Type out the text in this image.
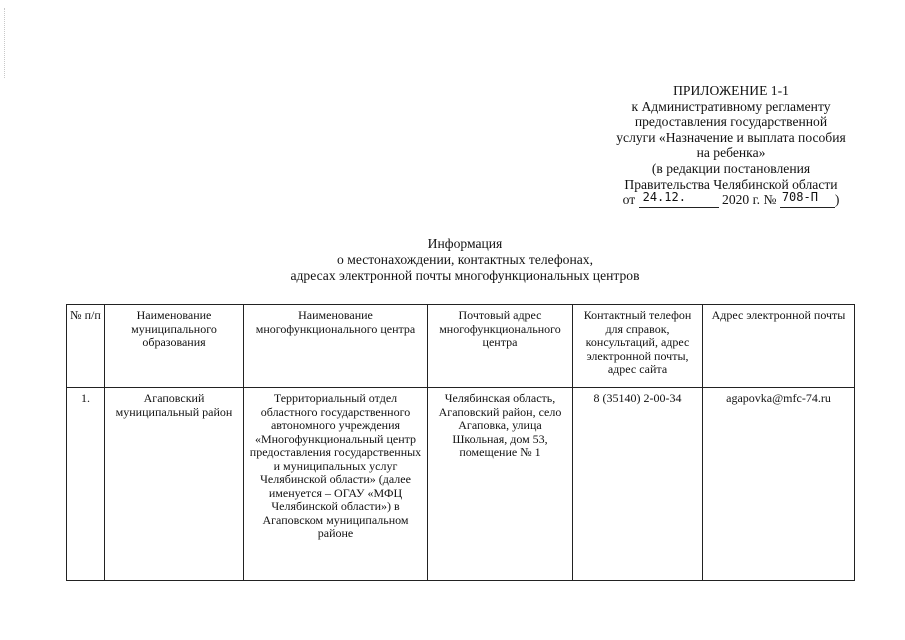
ПРИЛОЖЕНИЕ 1-1
к Административному регламенту
предоставления государственной
услуги «Назначение и выплата пособия
на ребенка»
(в редакции постановления
Правительства Челябинской области
от 24.12.	2020 г. № 708-П )
Информация
о местонахождении, контактных телефонах,
адресах электронной почты многофункциональных центров
№ п/п	Наименование муниципального образования	Наименование многофункционального центра	Почтовый адрес многофункционального центра	Контактный телефон для справок, консультаций, адрес электронной почты, адрес сайта	Адрес электронной почты
1.	Агаповский муниципальный район	Территориальный отдел областного государственного автономного учреждения «Многофункциональный центр предоставления государственных и муниципальных услуг Челябинской области» (далее именуется – ОГАУ «МФЦ Челябинской области») в Агаповском муниципальном районе	Челябинская область, Агаповский район, село Агаповка, улица Школьная, дом 53, помещение № 1	8 (35140) 2-00-34	agapovka@mfc-74.ru
